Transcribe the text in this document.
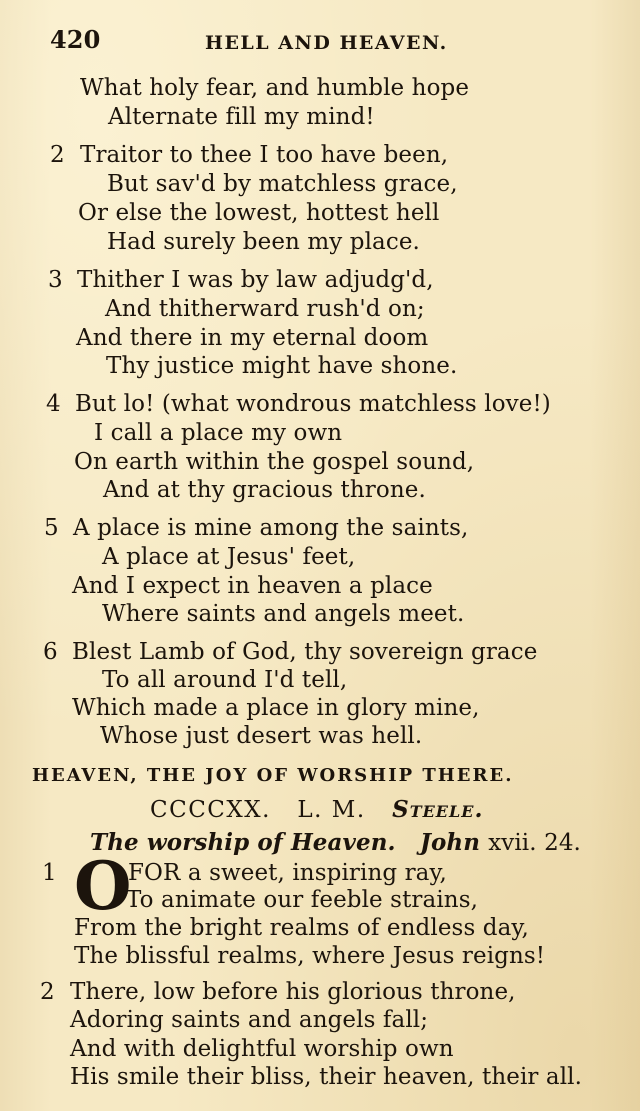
420	HELL AND HEAVEN.
What holy fear, and humble hope
Alternate fill my mind!
2 Traitor to thee I too have been,
But sav'd by matchless grace,
Or else the lowest, hottest hell
Had surely been my place.
3 Thither I was by law adjudg'd,
And thitherward rush'd on;
And there in my eternal doom
Thy justice might have shone.
4 But lo! (what wondrous matchless love!)
I call a place my own
On earth within the gospel sound,
And at thy gracious throne.
5 A place is mine among the saints,
A place at Jesus' feet,
And I expect in heaven a place
Where saints and angels meet.
6 Blest Lamb of God, thy sovereign grace
To all around I'd tell,
Which made a place in glory mine,
Whose just desert was hell.
HEAVEN, THE JOY OF WORSHIP THERE.
CCCCXX. L. M. Steele.
The worship of Heaven. John xvii. 24.
1 O
FOR a sweet, inspiring ray,
To animate our feeble strains,
From the bright realms of endless day,
The blissful realms, where Jesus reigns!
2 There, low before his glorious throne,
Adoring saints and angels fall;
And with delightful worship own
His smile their bliss, their heaven, their all.
